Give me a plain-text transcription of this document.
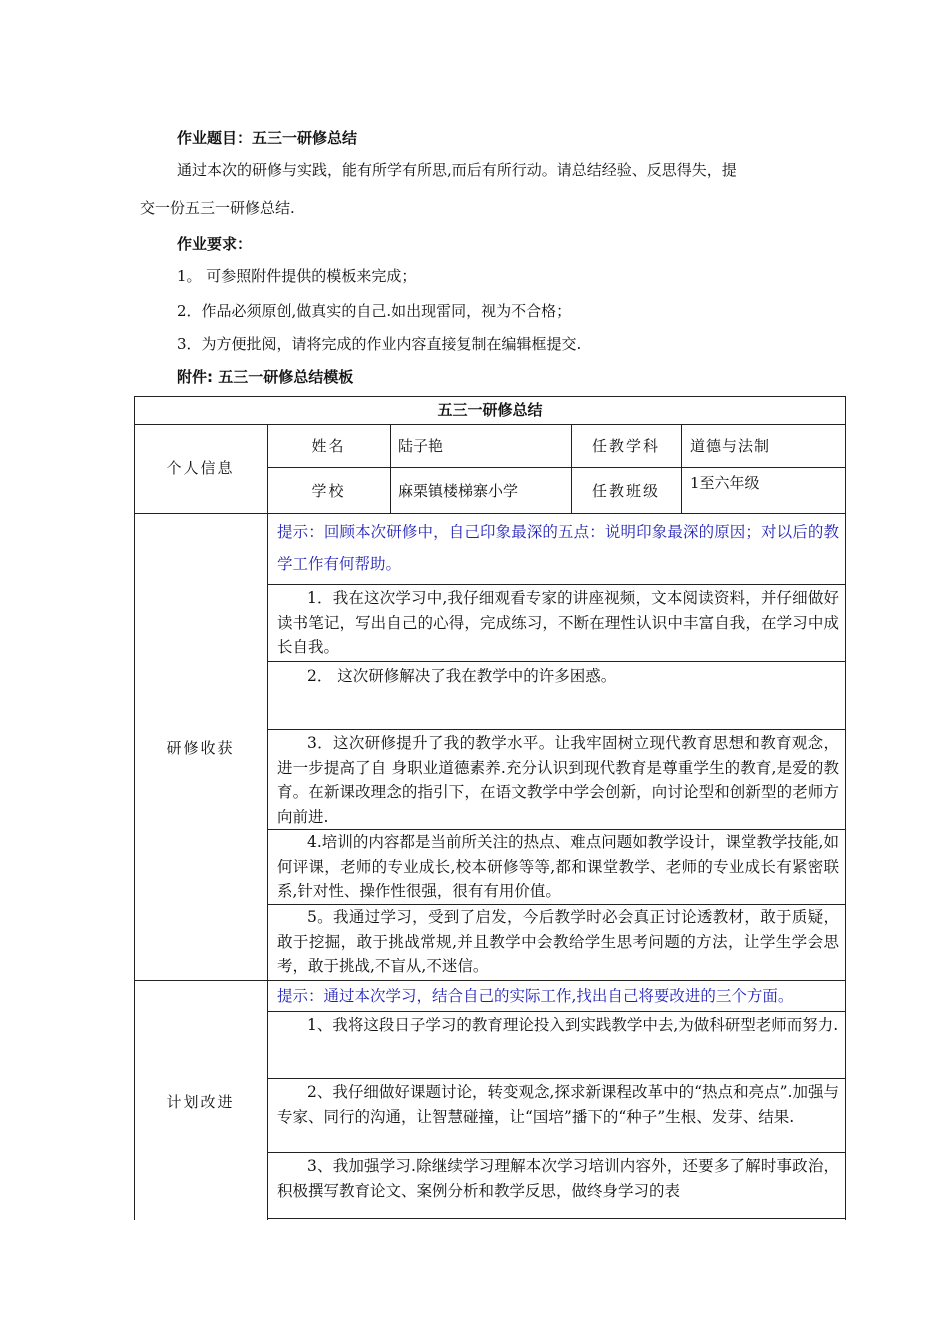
作业题目：五三一研修总结
通过本次的研修与实践，能有所学有所思,而后有所行动。请总结经验、反思得失，提
交一份五三一研修总结.
作业要求：
1。 可参照附件提供的模板来完成；
2．作品必须原创,做真实的自己.如出现雷同，视为不合格；
3．为方便批阅，请将完成的作业内容直接复制在编辑框提交.
附件: 五三一研修总结模板
五三一研修总结
个人信息
姓名	陆子艳	任教学科	道德与法制
学校	麻栗镇楼梯寨小学	任教班级	1至六年级
研修收获
提示：回顾本次研修中，自己印象最深的五点：说明印象最深的原因；对以后的教学工作有何帮助。
1．我在这次学习中,我仔细观看专家的讲座视频，文本阅读资料，并仔细做好读书笔记，写出自己的心得，完成练习，不断在理性认识中丰富自我，在学习中成长自我。
2． 这次研修解决了我在教学中的许多困惑。
3．这次研修提升了我的教学水平。让我牢固树立现代教育思想和教育观念，进一步提高了自 身职业道德素养.充分认识到现代教育是尊重学生的教育,是爱的教育。在新课改理念的指引下，在语文教学中学会创新，向讨论型和创新型的老师方向前进.
4.培训的内容都是当前所关注的热点、难点问题如教学设计，课堂教学技能,如何评课，老师的专业成长,校本研修等等,都和课堂教学、老师的专业成长有紧密联系,针对性、操作性很强，很有有用价值。
5。我通过学习，受到了启发，今后教学时必会真正讨论透教材，敢于质疑，敢于挖掘，敢于挑战常规,并且教学中会教给学生思考问题的方法，让学生学会思考，敢于挑战,不盲从,不迷信。
计划改进
提示：通过本次学习，结合自己的实际工作,找出自己将要改进的三个方面。
1、我将这段日子学习的教育理论投入到实践教学中去,为做科研型老师而努力.
2、我仔细做好课题讨论，转变观念,探求新课程改革中的“热点和亮点”.加强与专家、同行的沟通，让智慧碰撞，让“国培”播下的“种子”生根、发芽、结果.
3、我加强学习.除继续学习理解本次学习培训内容外，还要多了解时事政治，积极撰写教育论文、案例分析和教学反思，做终身学习的表
